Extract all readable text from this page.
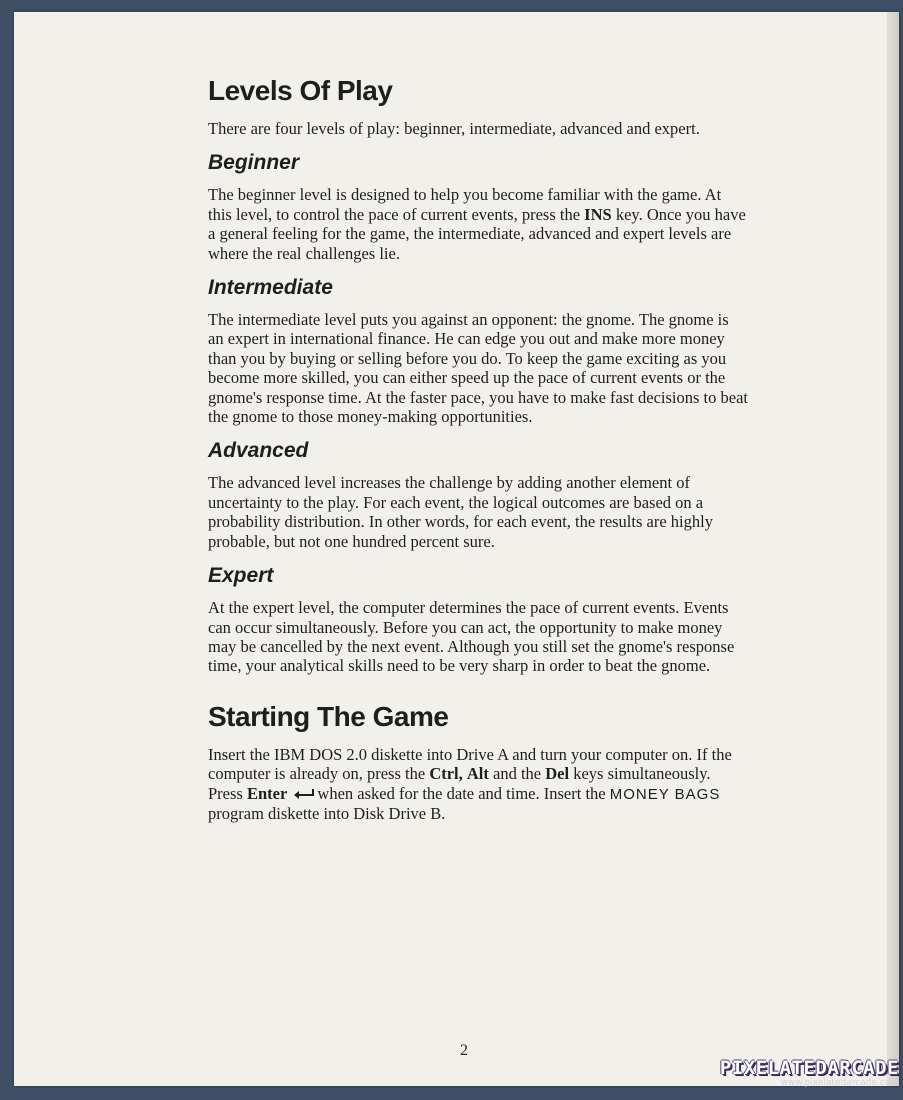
Levels Of Play

There are four levels of play: beginner, intermediate, advanced and expert.

Beginner

The beginner level is designed to help you become familiar with the game. At this level, to control the pace of current events, press the INS key. Once you have a general feeling for the game, the intermediate, advanced and expert levels are where the real challenges lie.

Intermediate

The intermediate level puts you against an opponent: the gnome. The gnome is an expert in international finance. He can edge you out and make more money than you by buying or selling before you do. To keep the game exciting as you become more skilled, you can either speed up the pace of current events or the gnome's response time. At the faster pace, you have to make fast decisions to beat the gnome to those money-making opportunities.

Advanced

The advanced level increases the challenge by adding another element of uncertainty to the play. For each event, the logical outcomes are based on a probability distribution. In other words, for each event, the results are highly probable, but not one hundred percent sure.

Expert

At the expert level, the computer determines the pace of current events. Events can occur simultaneously. Before you can act, the opportunity to make money may be cancelled by the next event. Although you still set the gnome's response time, your analytical skills need to be very sharp in order to beat the gnome.

Starting The Game

Insert the IBM DOS 2.0 diskette into Drive A and turn your computer on. If the computer is already on, press the Ctrl, Alt and the Del keys simultaneously. Press Enter when asked for the date and time. Insert the MONEY BAGS program diskette into Disk Drive B.

2
PIXELATEDARCADE
www.pixelatedarcade.com
